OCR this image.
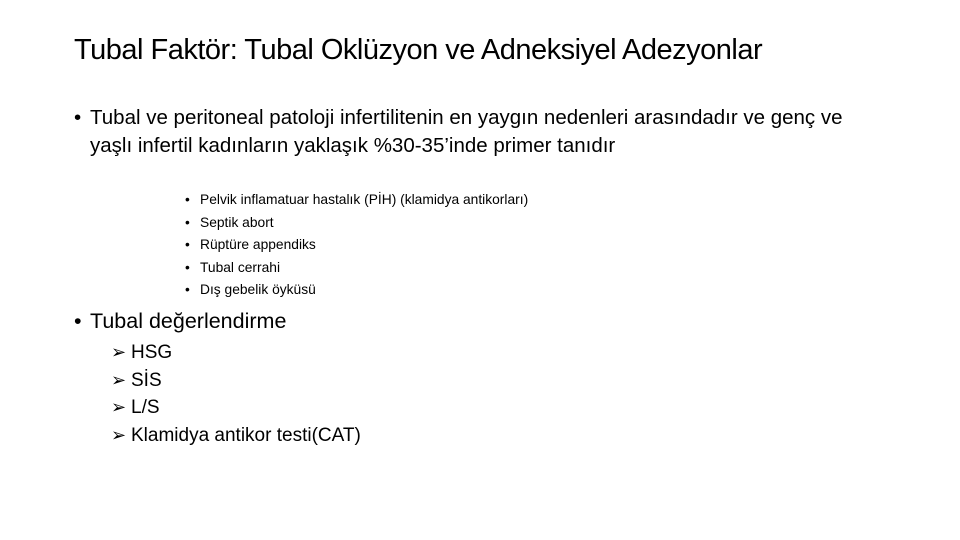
Tubal Faktör: Tubal Oklüzyon ve Adneksiyel Adezyonlar
• Tubal ve peritoneal patoloji infertilitenin en yaygın nedenleri arasındadır ve genç ve yaşlı infertil kadınların yaklaşık %30-35’inde primer tanıdır
• Pelvik inflamatuar hastalık (PİH) (klamidya antikorları)
• Septik abort
• Rüptüre appendiks
• Tubal cerrahi
• Dış gebelik öyküsü
• Tubal değerlendirme
➢ HSG
➢ SİS
➢ L/S
➢ Klamidya antikor testi(CAT)
